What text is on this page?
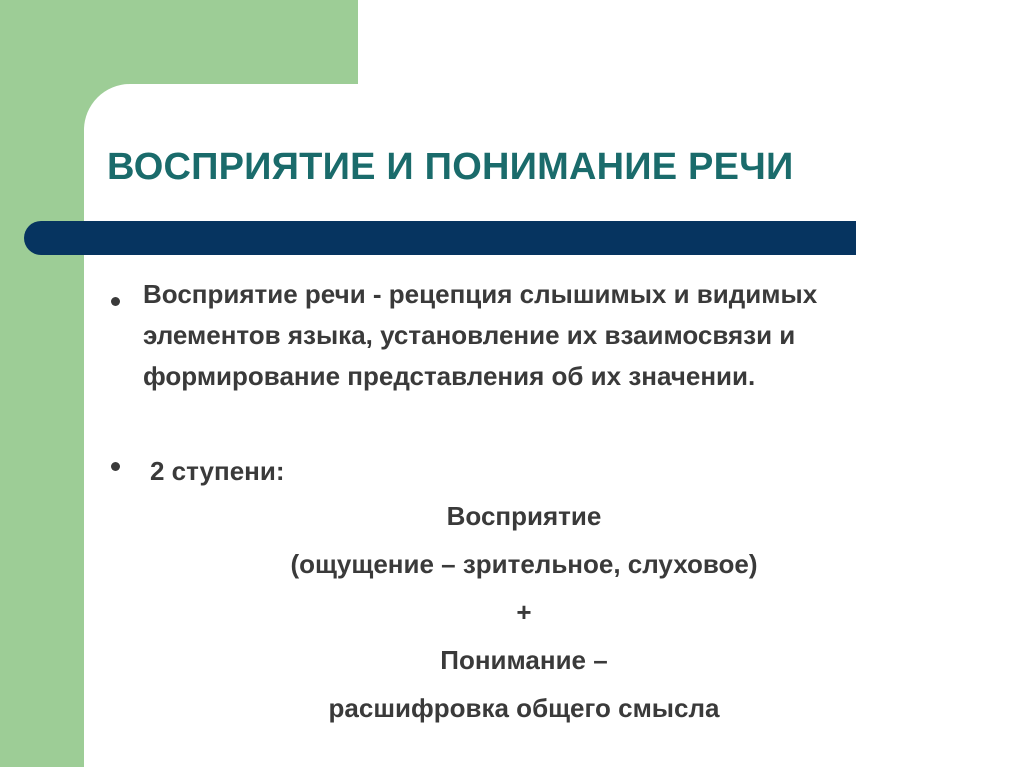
ВОСПРИЯТИЕ И ПОНИМАНИЕ РЕЧИ
Восприятие речи - рецепция слышимых и видимых элементов языка, установление их взаимосвязи и формирование представления об их значении.
2 ступени:
Восприятие
(ощущение – зрительное, слуховое)
+
Понимание –
расшифровка общего смысла
